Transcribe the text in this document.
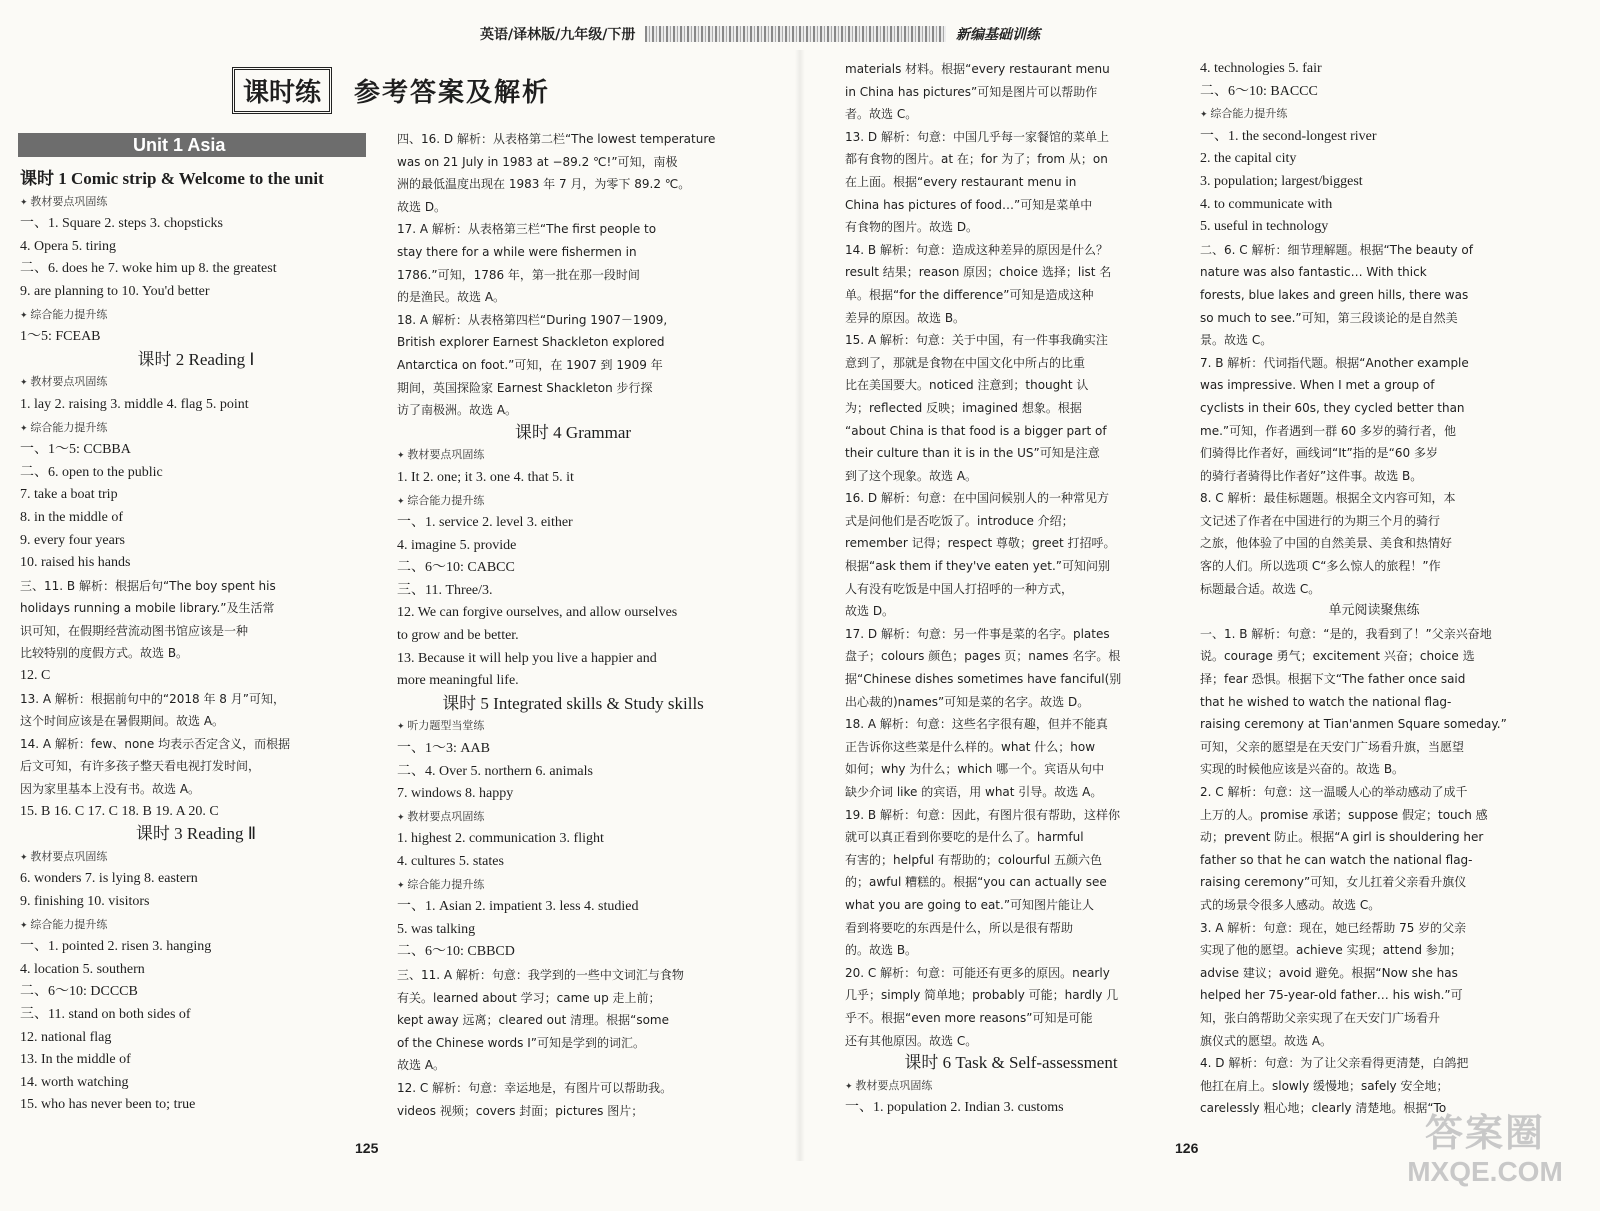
英语/译林版/九年级/下册	新编基础训练
课时练	参考答案及解析
Unit 1 Asia
课时 1 Comic strip & Welcome to the unit
✦ 教材要点巩固练
一、1. Square 2. steps 3. chopsticks
4. Opera 5. tiring
二、6. does he 7. woke him up 8. the greatest
9. are planning to 10. You'd better
✦ 综合能力提升练
1～5: FCEAB
课时 2 Reading Ⅰ
✦ 教材要点巩固练
1. lay 2. raising 3. middle 4. flag 5. point
✦ 综合能力提升练
一、1～5: CCBBA
二、6. open to the public
7. take a boat trip
8. in the middle of
9. every four years
10. raised his hands
三、11. B 解析：根据后句“The boy spent his
holidays running a mobile library.”及生活常
识可知，在假期经营流动图书馆应该是一种
比较特别的度假方式。故选 B。
12. C
13. A 解析：根据前句中的“2018 年 8 月”可知，
这个时间应该是在暑假期间。故选 A。
14. A 解析：few、none 均表示否定含义，而根据
后文可知，有许多孩子整天看电视打发时间，
因为家里基本上没有书。故选 A。
15. B 16. C 17. C 18. B 19. A 20. C
课时 3 Reading Ⅱ
✦ 教材要点巩固练
6. wonders 7. is lying 8. eastern
9. finishing 10. visitors
✦ 综合能力提升练
一、1. pointed 2. risen 3. hanging
4. location 5. southern
二、6～10: DCCCB
三、11. stand on both sides of
12. national flag
13. In the middle of
14. worth watching
15. who has never been to; true
四、16. D 解析：从表格第二栏“The lowest temperature
was on 21 July in 1983 at −89.2 ℃!”可知，南极
洲的最低温度出现在 1983 年 7 月，为零下 89.2 ℃。
故选 D。
17. A 解析：从表格第三栏“The first people to
stay there for a while were fishermen in
1786.”可知，1786 年，第一批在那一段时间
的是渔民。故选 A。
18. A 解析：从表格第四栏“During 1907－1909,
British explorer Earnest Shackleton explored
Antarctica on foot.”可知，在 1907 到 1909 年
期间，英国探险家 Earnest Shackleton 步行探
访了南极洲。故选 A。
课时 4 Grammar
✦ 教材要点巩固练
1. It 2. one; it 3. one 4. that 5. it
✦ 综合能力提升练
一、1. service 2. level 3. either
4. imagine 5. provide
二、6～10: CABCC
三、11. Three/3.
12. We can forgive ourselves, and allow ourselves
to grow and be better.
13. Because it will help you live a happier and
more meaningful life.
课时 5 Integrated skills & Study skills
✦ 听力题型当堂练
一、1～3: AAB
二、4. Over 5. northern 6. animals
7. windows 8. happy
✦ 教材要点巩固练
1. highest 2. communication 3. flight
4. cultures 5. states
✦ 综合能力提升练
一、1. Asian 2. impatient 3. less 4. studied
5. was talking
二、6～10: CBBCD
三、11. A 解析：句意：我学到的一些中文词汇与食物
有关。learned about 学习；came up 走上前；
kept away 远离；cleared out 清理。根据“some
of the Chinese words I”可知是学到的词汇。
故选 A。
12. C 解析：句意：幸运地是，有图片可以帮助我。
videos 视频；covers 封面；pictures 图片；
materials 材料。根据“every restaurant menu
in China has pictures”可知是图片可以帮助作
者。故选 C。
13. D 解析：句意：中国几乎每一家餐馆的菜单上
都有食物的图片。at 在；for 为了；from 从；on
在上面。根据“every restaurant menu in
China has pictures of food…”可知是菜单中
有食物的图片。故选 D。
14. B 解析：句意：造成这种差异的原因是什么？
result 结果；reason 原因；choice 选择；list 名
单。根据“for the difference”可知是造成这种
差异的原因。故选 B。
15. A 解析：句意：关于中国，有一件事我确实注
意到了，那就是食物在中国文化中所占的比重
比在美国要大。noticed 注意到；thought 认
为；reflected 反映；imagined 想象。根据
“about China is that food is a bigger part of
their culture than it is in the US”可知是注意
到了这个现象。故选 A。
16. D 解析：句意：在中国问候别人的一种常见方
式是问他们是否吃饭了。introduce 介绍；
remember 记得；respect 尊敬；greet 打招呼。
根据“ask them if they've eaten yet.”可知问别
人有没有吃饭是中国人打招呼的一种方式，
故选 D。
17. D 解析：句意：另一件事是菜的名字。plates
盘子；colours 颜色；pages 页；names 名字。根
据“Chinese dishes sometimes have fanciful(别
出心裁的)names”可知是菜的名字。故选 D。
18. A 解析：句意：这些名字很有趣，但并不能真
正告诉你这些菜是什么样的。what 什么；how
如何；why 为什么；which 哪一个。宾语从句中
缺少介词 like 的宾语，用 what 引导。故选 A。
19. B 解析：句意：因此，有图片很有帮助，这样你
就可以真正看到你要吃的是什么了。harmful
有害的；helpful 有帮助的；colourful 五颜六色
的；awful 糟糕的。根据“you can actually see
what you are going to eat.”可知图片能让人
看到将要吃的东西是什么，所以是很有帮助
的。故选 B。
20. C 解析：句意：可能还有更多的原因。nearly
几乎；simply 简单地；probably 可能；hardly 几
乎不。根据“even more reasons”可知是可能
还有其他原因。故选 C。
课时 6 Task & Self-assessment
✦ 教材要点巩固练
一、1. population 2. Indian 3. customs
4. technologies 5. fair
二、6～10: BACCC
✦ 综合能力提升练
一、1. the second-longest river
2. the capital city
3. population; largest/biggest
4. to communicate with
5. useful in technology
二、6. C 解析：细节理解题。根据“The beauty of
nature was also fantastic… With thick
forests, blue lakes and green hills, there was
so much to see.”可知，第三段谈论的是自然美
景。故选 C。
7. B 解析：代词指代题。根据“Another example
was impressive. When I met a group of
cyclists in their 60s, they cycled better than
me.”可知，作者遇到一群 60 多岁的骑行者，他
们骑得比作者好，画线词“It”指的是“60 多岁
的骑行者骑得比作者好”这件事。故选 B。
8. C 解析：最佳标题题。根据全文内容可知，本
文记述了作者在中国进行的为期三个月的骑行
之旅，他体验了中国的自然美景、美食和热情好
客的人们。所以选项 C“多么惊人的旅程！”作
标题最合适。故选 C。
单元阅读聚焦练
一、1. B 解析：句意：“是的，我看到了！”父亲兴奋地
说。courage 勇气；excitement 兴奋；choice 选
择；fear 恐惧。根据下文“The father once said
that he wished to watch the national flag-
raising ceremony at Tian'anmen Square someday.”
可知，父亲的愿望是在天安门广场看升旗，当愿望
实现的时候他应该是兴奋的。故选 B。
2. C 解析：句意：这一温暖人心的举动感动了成千
上万的人。promise 承诺；suppose 假定；touch 感
动；prevent 防止。根据“A girl is shouldering her
father so that he can watch the national flag-
raising ceremony”可知，女儿扛着父亲看升旗仪
式的场景令很多人感动。故选 C。
3. A 解析：句意：现在，她已经帮助 75 岁的父亲
实现了他的愿望。achieve 实现；attend 参加；
advise 建议；avoid 避免。根据“Now she has
helped her 75-year-old father… his wish.”可
知，张白鸽帮助父亲实现了在天安门广场看升
旗仪式的愿望。故选 A。
4. D 解析：句意：为了让父亲看得更清楚，白鸽把
他扛在肩上。slowly 缓慢地；safely 安全地；
carelessly 粗心地；clearly 清楚地。根据“To
125	126	答案圈
MXQE.COM
